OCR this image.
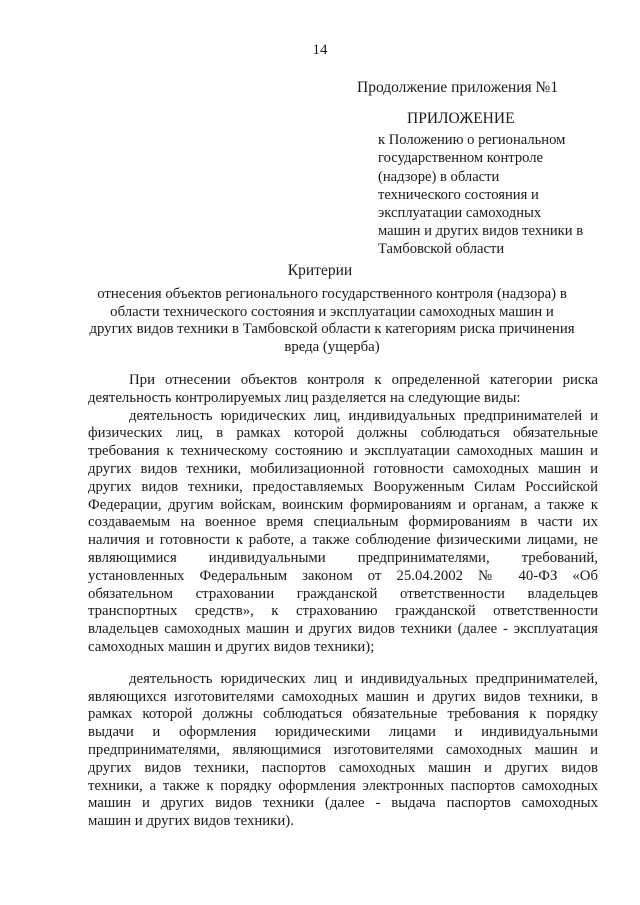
14
Продолжение приложения №1
ПРИЛОЖЕНИЕ
к Положению о региональном
государственном контроле
(надзоре) в области
технического состояния и
эксплуатации самоходных
машин и других видов техники в
Тамбовской области
Критерии
отнесения объектов регионального государственного контроля (надзора) в
области технического состояния и эксплуатации самоходных машин и
других видов техники в Тамбовской области к категориям риска причинения
вреда (ущерба)
При отнесении объектов контроля к определенной категории риска
деятельность контролируемых лиц разделяется на следующие виды:
деятельность юридических лиц, индивидуальных предпринимателей и
физических лиц, в рамках которой должны соблюдаться обязательные
требования к техническому состоянию и эксплуатации самоходных машин и
других видов техники, мобилизационной готовности самоходных машин и
других видов техники, предоставляемых Вооруженным Силам Российской
Федерации, другим войскам, воинским формированиям и органам, а также к
создаваемым на военное время специальным формированиям в части их
наличия и готовности к работе, а также соблюдение физическими лицами, не
являющимися индивидуальными предпринимателями, требований,
установленных Федеральным законом от 25.04.2002 № 40-ФЗ «Об
обязательном страховании гражданской ответственности владельцев
транспортных средств», к страхованию гражданской ответственности
владельцев самоходных машин и других видов техники (далее - эксплуатация
самоходных машин и других видов техники);
деятельность юридических лиц и индивидуальных предпринимателей,
являющихся изготовителями самоходных машин и других видов техники, в
рамках которой должны соблюдаться обязательные требования к порядку
выдачи и оформления юридическими лицами и индивидуальными
предпринимателями, являющимися изготовителями самоходных машин и
других видов техники, паспортов самоходных машин и других видов
техники, а также к порядку оформления электронных паспортов самоходных
машин и других видов техники (далее - выдача паспортов самоходных
машин и других видов техники).
